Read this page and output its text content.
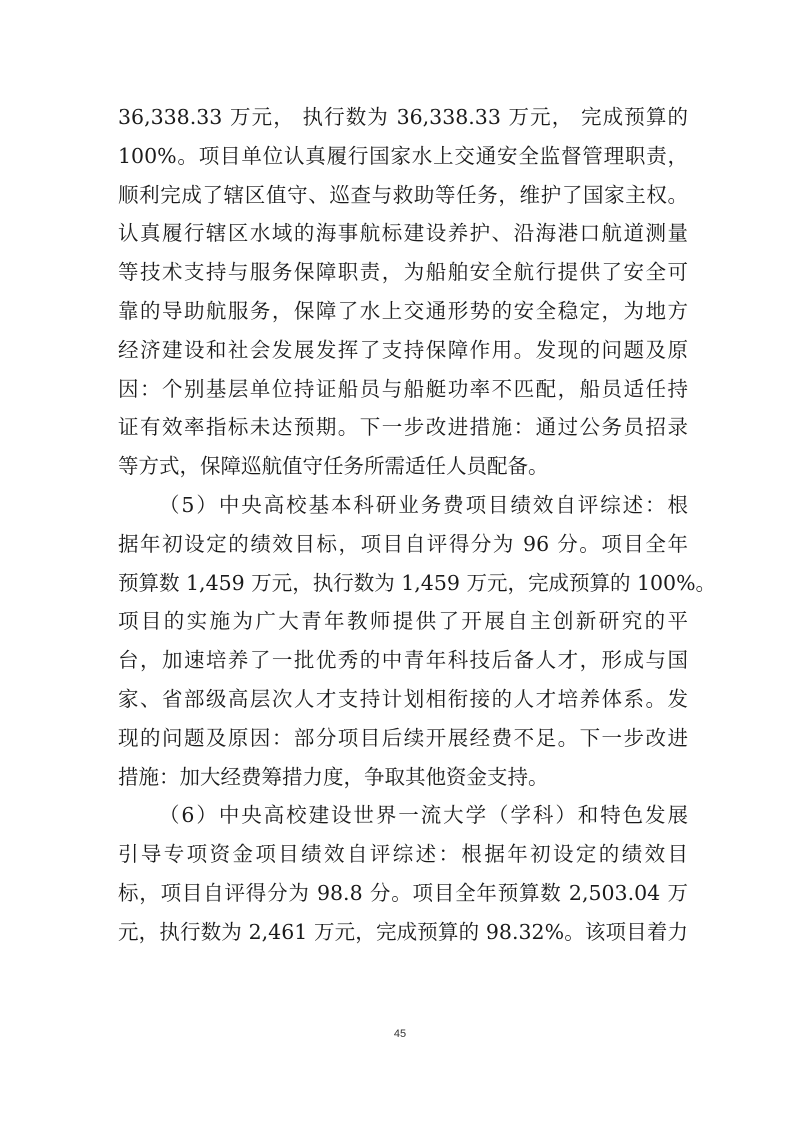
36,338.33 万元， 执行数为 36,338.33 万元， 完成预算的
100%。项目单位认真履行国家水上交通安全监督管理职责，
顺利完成了辖区值守、巡查与救助等任务，维护了国家主权。
认真履行辖区水域的海事航标建设养护、沿海港口航道测量
等技术支持与服务保障职责，为船舶安全航行提供了安全可
靠的导助航服务，保障了水上交通形势的安全稳定，为地方
经济建设和社会发展发挥了支持保障作用。发现的问题及原
因：个别基层单位持证船员与船艇功率不匹配，船员适任持
证有效率指标未达预期。下一步改进措施：通过公务员招录
等方式，保障巡航值守任务所需适任人员配备。

（5）中央高校基本科研业务费项目绩效自评综述：根
据年初设定的绩效目标，项目自评得分为 96 分。项目全年
预算数 1,459 万元，执行数为 1,459 万元，完成预算的 100%。
项目的实施为广大青年教师提供了开展自主创新研究的平
台，加速培养了一批优秀的中青年科技后备人才，形成与国
家、省部级高层次人才支持计划相衔接的人才培养体系。发
现的问题及原因：部分项目后续开展经费不足。下一步改进
措施：加大经费筹措力度，争取其他资金支持。

（6）中央高校建设世界一流大学（学科）和特色发展
引导专项资金项目绩效自评综述：根据年初设定的绩效目
标，项目自评得分为 98.8 分。项目全年预算数 2,503.04 万
元，执行数为 2,461 万元，完成预算的 98.32%。该项目着力

45
